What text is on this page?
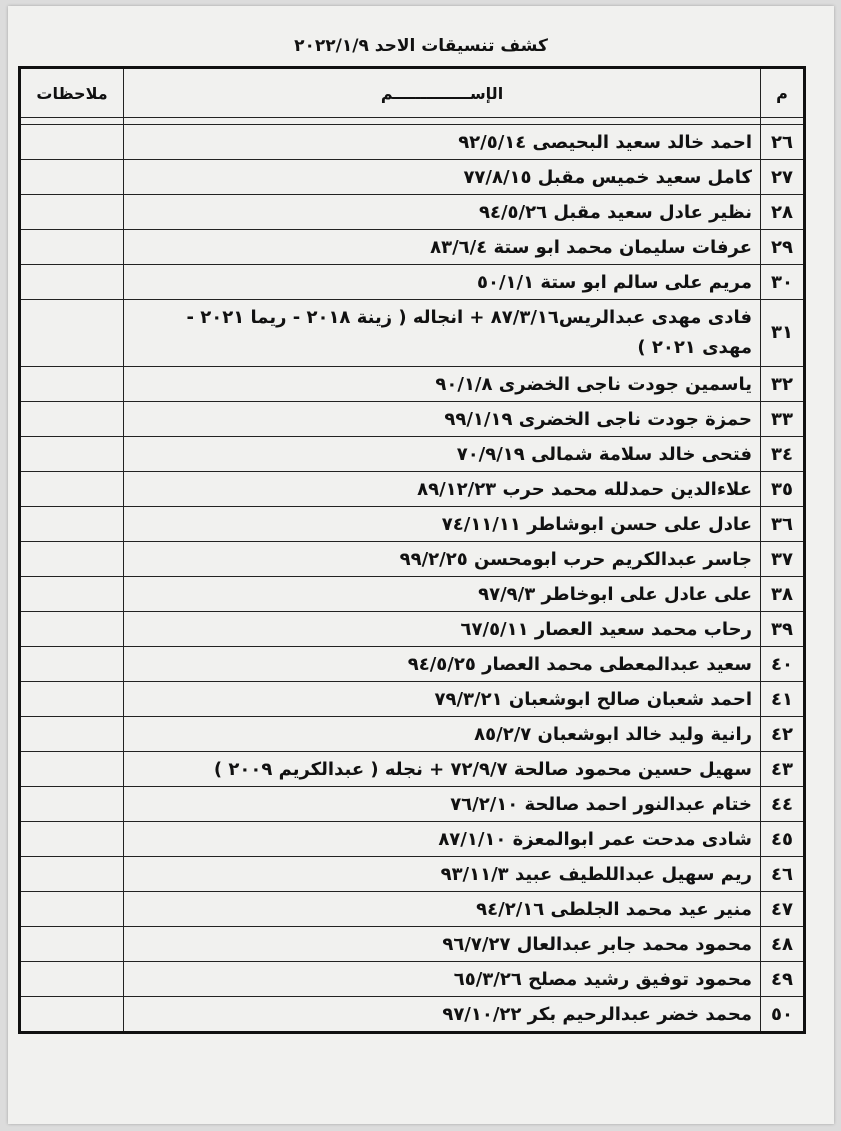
كشف تنسيقات الاحد ٢٠٢٢/١/٩
م	الإســــــــــــــم	ملاحظات

٢٦	احمد خالد سعيد البحيصى ٩٢/٥/١٤	
٢٧	كامل سعيد خميس مقبل ٧٧/٨/١٥	
٢٨	نظير عادل سعيد مقبل ٩٤/٥/٢٦	
٢٩	عرفات سليمان محمد ابو ستة ٨٣/٦/٤	
٣٠	مريم على سالم ابو ستة ٥٠/١/١	
٣١	فادى مهدى عبدالريس٨٧/٣/١٦ + انجاله ( زينة ٢٠١٨ - ريما ٢٠٢١ - مهدى ٢٠٢١ )	
٣٢	ياسمين جودت ناجى الخضرى ٩٠/١/٨	
٣٣	حمزة جودت ناجى الخضرى ٩٩/١/١٩	
٣٤	فتحى خالد سلامة شمالى ٧٠/٩/١٩	
٣٥	علاءالدين حمدلله محمد حرب ٨٩/١٢/٢٣	
٣٦	عادل على حسن ابوشاطر ٧٤/١١/١١	
٣٧	جاسر عبدالكريم حرب ابومحسن ٩٩/٢/٢٥	
٣٨	على عادل على ابوخاطر ٩٧/٩/٣	
٣٩	رحاب محمد سعيد العصار ٦٧/٥/١١	
٤٠	سعيد عبدالمعطى محمد العصار ٩٤/٥/٢٥	
٤١	احمد شعبان صالح ابوشعبان ٧٩/٣/٢١	
٤٢	رانية وليد خالد ابوشعبان ٨٥/٢/٧	
٤٣	سهيل حسين محمود صالحة ٧٢/٩/٧ + نجله ( عبدالكريم ٢٠٠٩ )	
٤٤	ختام عبدالنور احمد صالحة ٧٦/٢/١٠	
٤٥	شادى مدحت عمر ابوالمعزة ٨٧/١/١٠	
٤٦	ريم سهيل عبداللطيف عبيد ٩٣/١١/٣	
٤٧	منير عيد محمد الجلطى ٩٤/٢/١٦	
٤٨	محمود محمد جابر عبدالعال ٩٦/٧/٢٧	
٤٩	محمود توفيق رشيد مصلح ٦٥/٣/٢٦	
٥٠	محمد خضر عبدالرحيم بكر ٩٧/١٠/٢٢	
